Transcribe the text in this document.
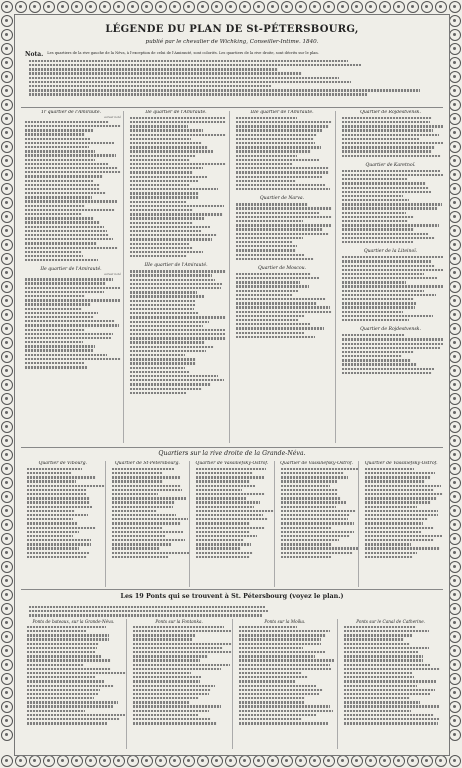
LÉGENDE DU PLAN DE St-PÉTERSBOURG,
publié par le chevalier de Wichking, Conseiller-Intime. 1840.
Nota. Les quartiers de la rive gauche de la Néva, à l'exception de celui de l'Amirauté, sont coloriés. Les quartiers de la rive droite, sont décrits sur le plan.
1r quartier de l'Amirauté.
actuel noté
IIe quartier de l'Amirauté.
actuel noté
IIe quartier de l'Amirauté.
IIIe quartier de l'Amirauté.
IIIe quartier de l'Amirauté.
Quartier de Narva.
Quartier de Moscou.
Quartier de Rojdestvensk.
Quartier de Karetnoï.
Quartier de la Liteinoï.
Quartier de Rojdestvensk.
Quartiers sur la rive droite de la Grande-Néva.
Quartier de Vibourg.	Quartier de St-Pétersbourg.	Quartier de Vassiliefsky-Ostrof.	Quartier de Vassiliefsky-Ostrof.	Quartier de Vassiliefsky-Ostrof.
Les 19 Ponts qui se trouvent à St. Pétersbourg (voyez le plan.)
Ponts de bateaux, sur la Grande-Néva.	Ponts sur la Fontanka.	Ponts sur la Moïka.	Ponts sur le Canal de Catherine.
